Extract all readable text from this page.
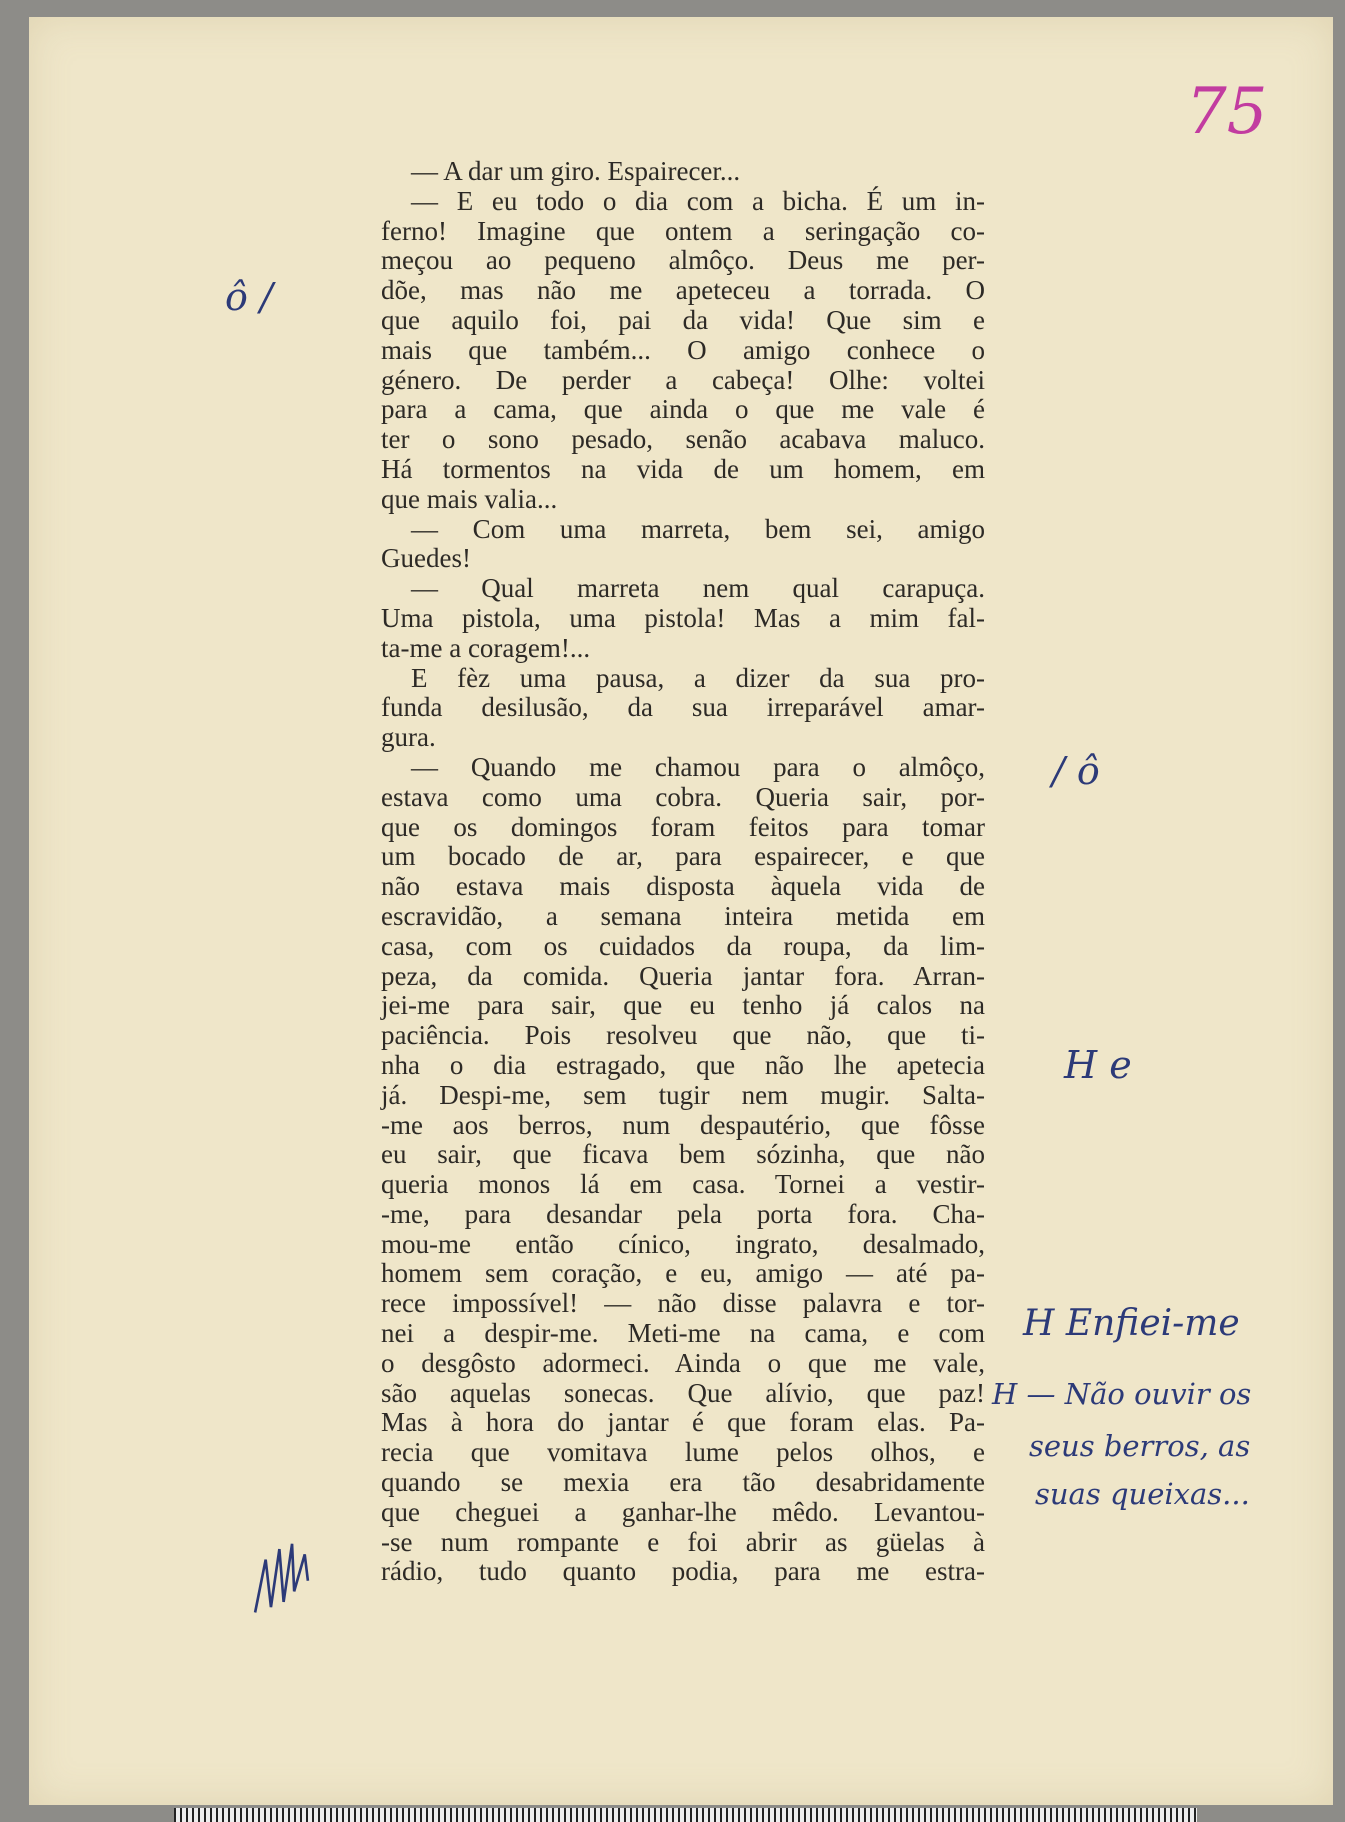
75
— A dar um giro. Espairecer...
— E eu todo o dia com a bicha. É um in-
ferno! Imagine que ontem a seringação co-
meçou ao pequeno almôço. Deus me per-
dõe, mas não me apeteceu a torrada. O
que aquilo foi, pai da vida! Que sim e
mais que também... O amigo conhece o
género. De perder a cabeça! Olhe: voltei
para a cama, que ainda o que me vale é
ter o sono pesado, senão acabava maluco.
Há tormentos na vida de um homem, em
que mais valia...
— Com uma marreta, bem sei, amigo
Guedes!
— Qual marreta nem qual carapuça.
Uma pistola, uma pistola! Mas a mim fal-
ta-me a coragem!...
E fèz uma pausa, a dizer da sua pro-
funda desilusão, da sua irreparável amar-
gura.
— Quando me chamou para o almôço,
estava como uma cobra. Queria sair, por-
que os domingos foram feitos para tomar
um bocado de ar, para espairecer, e que
não estava mais disposta àquela vida de
escravidão, a semana inteira metida em
casa, com os cuidados da roupa, da lim-
peza, da comida. Queria jantar fora. Arran-
jei-me para sair, que eu tenho já calos na
paciência. Pois resolveu que não, que ti-
nha o dia estragado, que não lhe apetecia
já. Despi-me, sem tugir nem mugir. Salta-
-me aos berros, num despautério, que fôsse
eu sair, que ficava bem sózinha, que não
queria monos lá em casa. Tornei a vestir-
-me, para desandar pela porta fora. Cha-
mou-me então cínico, ingrato, desalmado,
homem sem coração, e eu, amigo — até pa-
rece impossível! — não disse palavra e tor-
nei a despir-me. Meti-me na cama, e com
o desgôsto adormeci. Ainda o que me vale,
são aquelas sonecas. Que alívio, que paz!
Mas à hora do jantar é que foram elas. Pa-
recia que vomitava lume pelos olhos, e
quando se mexia era tão desabridamente
que cheguei a ganhar-lhe mêdo. Levantou-
-se num rompante e foi abrir as güelas à
rádio, tudo quanto podia, para me estra-
ô /
/ ô
H e
H Enfiei-me
H — Não ouvir os
seus berros, as
suas queixas...
